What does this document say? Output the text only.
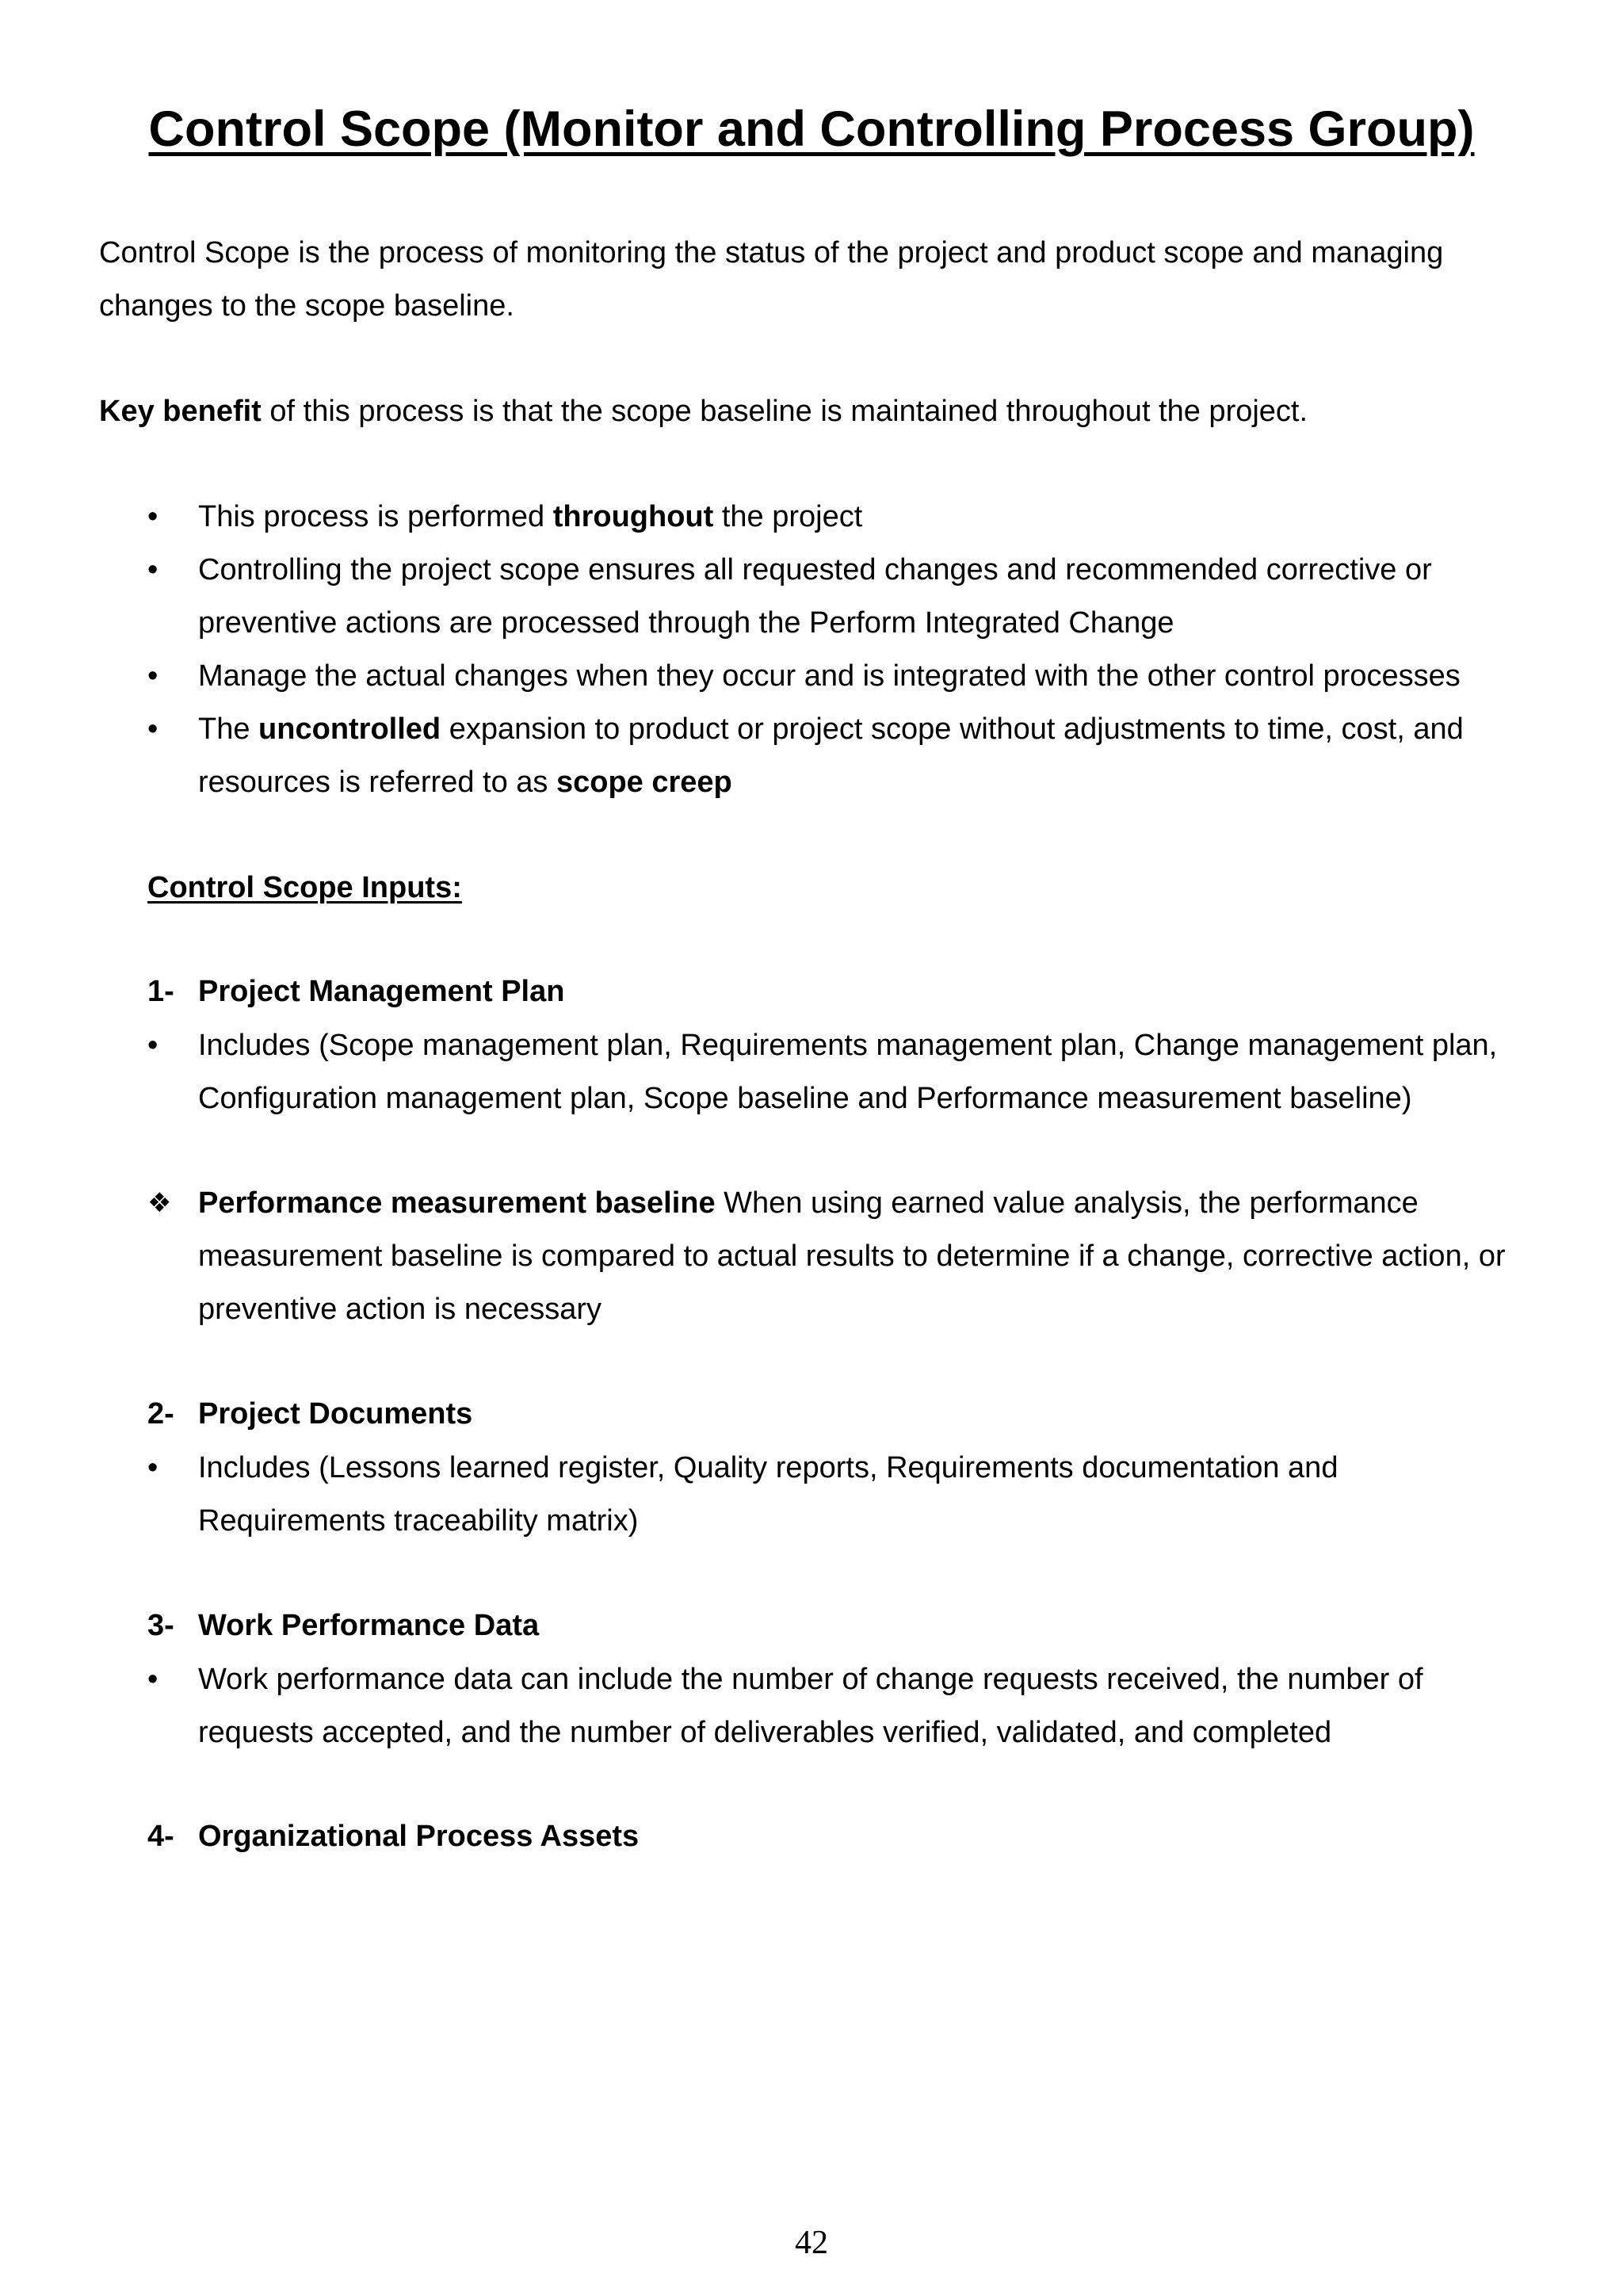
Control Scope (Monitor and Controlling Process Group)

Control Scope is the process of monitoring the status of the project and product scope and managing changes to the scope baseline.

Key benefit of this process is that the scope baseline is maintained throughout the project.

•	This process is performed throughout the project
•	Controlling the project scope ensures all requested changes and recommended corrective or preventive actions are processed through the Perform Integrated Change
•	Manage the actual changes when they occur and is integrated with the other control processes
•	The uncontrolled expansion to product or project scope without adjustments to time, cost, and resources is referred to as scope creep
Control Scope Inputs:
1- Project Management Plan
•	Includes (Scope management plan, Requirements management plan, Change management plan, Configuration management plan, Scope baseline and Performance measurement baseline)
❖ Performance measurement baseline When using earned value analysis, the performance measurement baseline is compared to actual results to determine if a change, corrective action, or preventive action is necessary
2- Project Documents
•	Includes (Lessons learned register, Quality reports, Requirements documentation and Requirements traceability matrix)
3- Work Performance Data
•	Work performance data can include the number of change requests received, the number of requests accepted, and the number of deliverables verified, validated, and completed
4- Organizational Process Assets
42
